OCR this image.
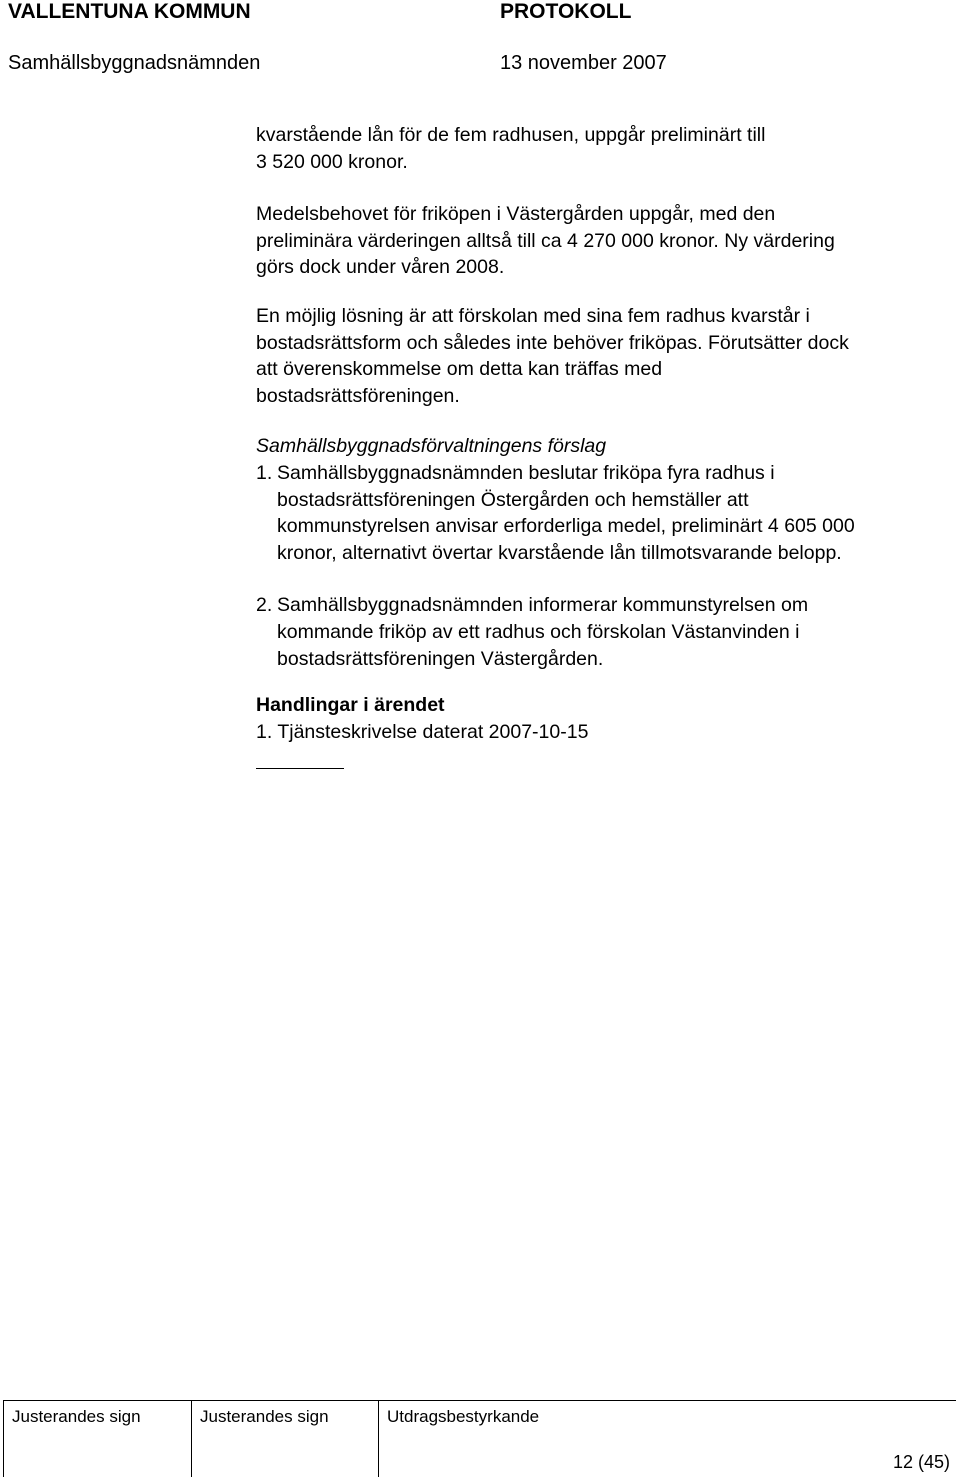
VALLENTUNA KOMMUN	PROTOKOLL
Samhällsbyggnadsnämnden	13 november 2007
kvarstående lån för de fem radhusen, uppgår preliminärt till
3 520 000 kronor.
Medelsbehovet för friköpen i Västergården uppgår, med den
preliminära värderingen alltså till ca 4 270 000 kronor. Ny värdering
görs dock under våren 2008.
En möjlig lösning är att förskolan med sina fem radhus kvarstår i
bostadsrättsform och således inte behöver friköpas. Förutsätter dock
att överenskommelse om detta kan träffas med
bostadsrättsföreningen.
Samhällsbyggnadsförvaltningens förslag
1. Samhällsbyggnadsnämnden beslutar friköpa fyra radhus i
bostadsrättsföreningen Östergården och hemställer att
kommunstyrelsen anvisar erforderliga medel, preliminärt 4 605 000
kronor, alternativt övertar kvarstående lån tillmotsvarande belopp.
2. Samhällsbyggnadsnämnden informerar kommunstyrelsen om
kommande friköp av ett radhus och förskolan Västanvinden i
bostadsrättsföreningen Västergården.
Handlingar i ärendet
1. Tjänsteskrivelse daterat 2007-10-15
Justerandes sign	Justerandes sign	Utdragsbestyrkande
12 (45)
